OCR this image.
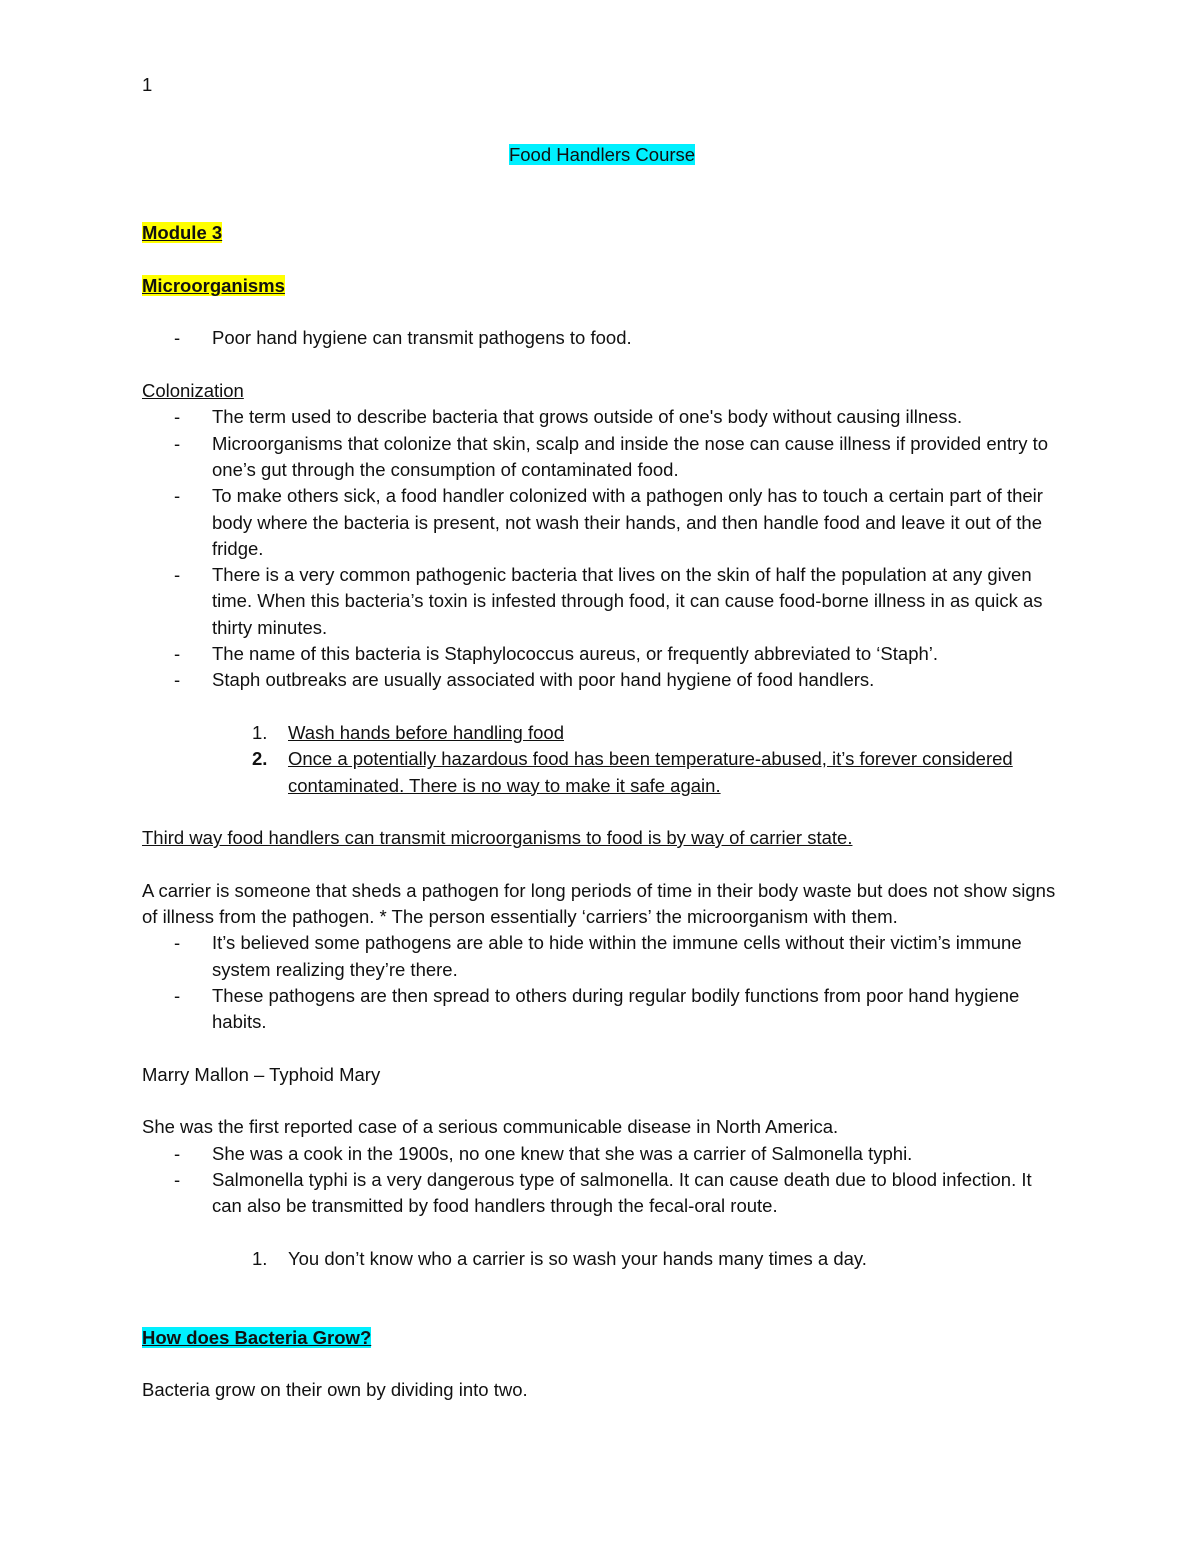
1

Food Handlers Course

Module 3

Microorganisms

- Poor hand hygiene can transmit pathogens to food.

Colonization

- The term used to describe bacteria that grows outside of one's body without causing illness.
- Microorganisms that colonize that skin, scalp and inside the nose can cause illness if provided entry to one’s gut through the consumption of contaminated food.
- To make others sick, a food handler colonized with a pathogen only has to touch a certain part of their body where the bacteria is present, not wash their hands, and then handle food and leave it out of the fridge.
- There is a very common pathogenic bacteria that lives on the skin of half the population at any given time. When this bacteria’s toxin is infested through food, it can cause food-borne illness in as quick as thirty minutes.
- The name of this bacteria is Staphylococcus aureus, or frequently abbreviated to ‘Staph’.
- Staph outbreaks are usually associated with poor hand hygiene of food handlers.
1. Wash hands before handling food
2. Once a potentially hazardous food has been temperature-abused, it’s forever considered contaminated. There is no way to make it safe again.

Third way food handlers can transmit microorganisms to food is by way of carrier state.

A carrier is someone that sheds a pathogen for long periods of time in their body waste but does not show signs of illness from the pathogen. * The person essentially ‘carriers’ the microorganism with them.

- It’s believed some pathogens are able to hide within the immune cells without their victim’s immune system realizing they’re there.
- These pathogens are then spread to others during regular bodily functions from poor hand hygiene habits.

Marry Mallon – Typhoid Mary

She was the first reported case of a serious communicable disease in North America.

- She was a cook in the 1900s, no one knew that she was a carrier of Salmonella typhi.
- Salmonella typhi is a very dangerous type of salmonella. It can cause death due to blood infection. It can also be transmitted by food handlers through the fecal-oral route.
1. You don’t know who a carrier is so wash your hands many times a day.

How does Bacteria Grow?

Bacteria grow on their own by dividing into two.
